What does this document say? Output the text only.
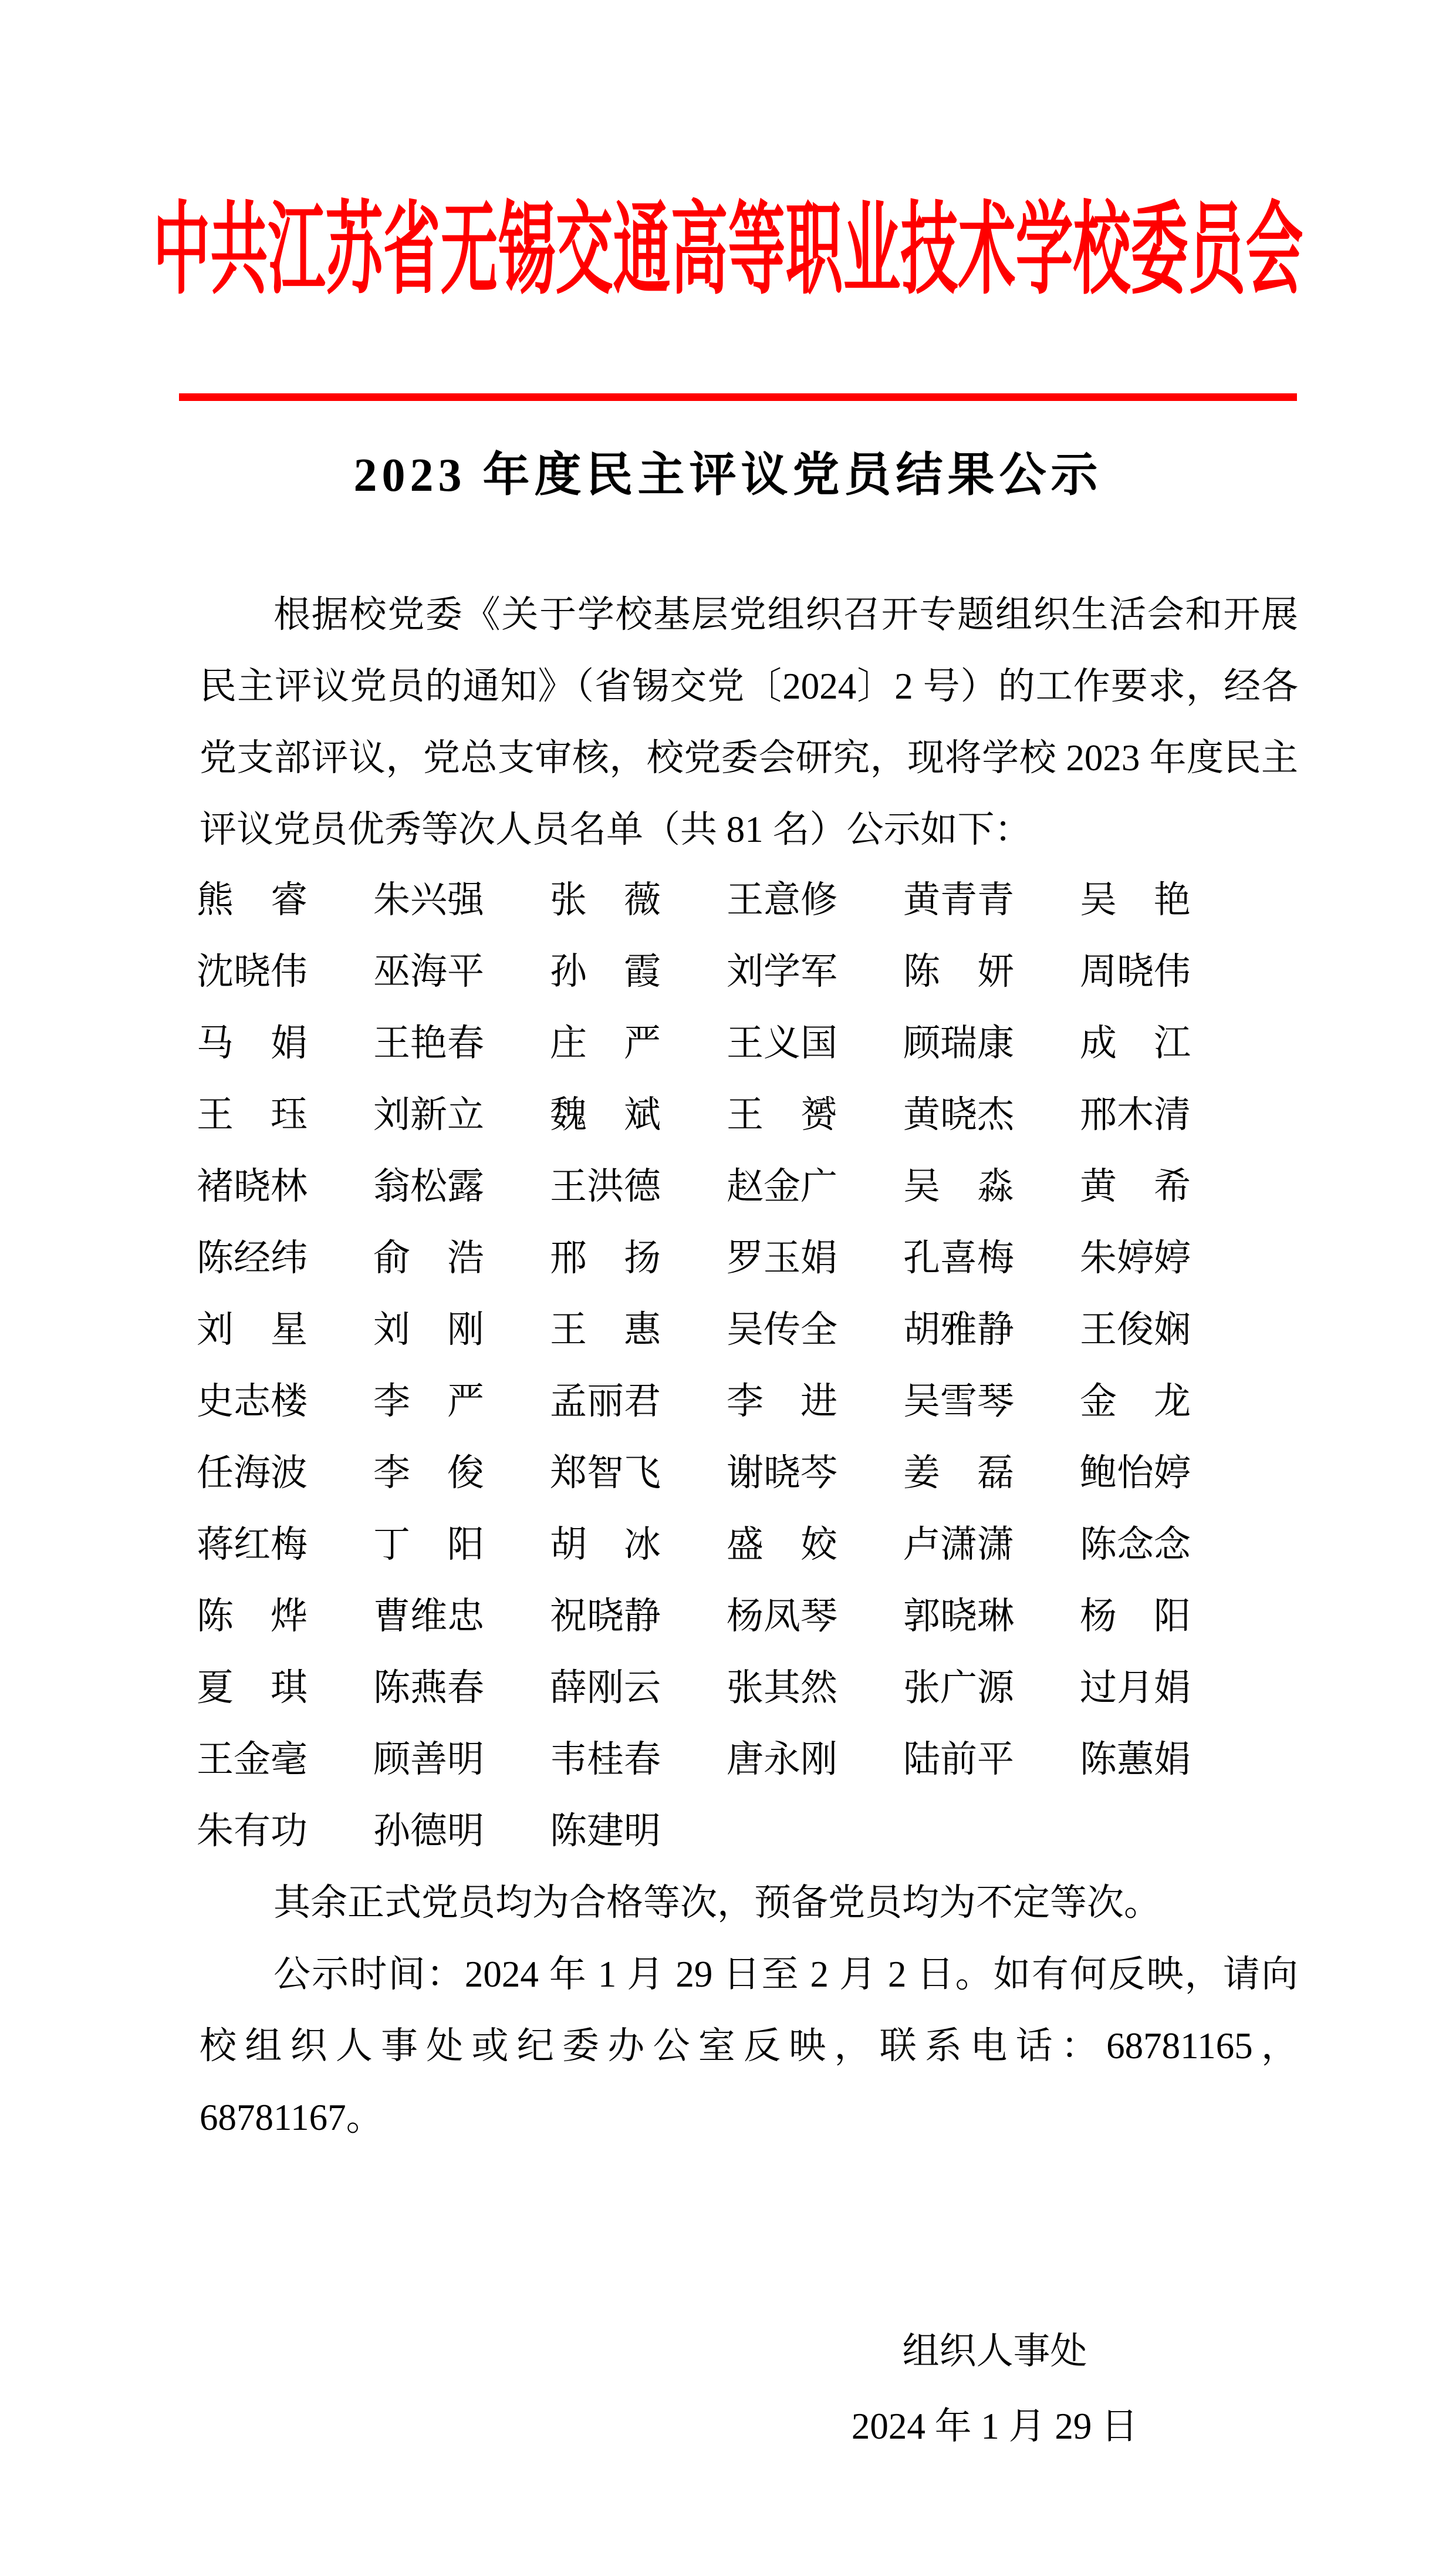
中共江苏省无锡交通高等职业技术学校委员会
2023 年度民主评议党员结果公示

根据校党委《关于学校基层党组织召开专题组织生活会和开展民主评议党员的通知》（省锡交党〔2024〕2 号）的工作要求，经各党支部评议，党总支审核，校党委会研究，现将学校 2023 年度民主评议党员优秀等次人员名单（共 81 名）公示如下：

熊　睿 朱兴强 张　薇 王意修 黄青青 吴　艳
沈晓伟 巫海平 孙　霞 刘学军 陈　妍 周晓伟
马　娟 王艳春 庄　严 王义国 顾瑞康 成　江
王　珏 刘新立 魏　斌 王　赟 黄晓杰 邢木清
褚晓林 翁松露 王洪德 赵金广 吴　淼 黄　希
陈经纬 俞　浩 邢　扬 罗玉娟 孔喜梅 朱婷婷
刘　星 刘　刚 王　惠 吴传全 胡雅静 王俊娴
史志楼 李　严 孟丽君 李　进 吴雪琴 金　龙
任海波 李　俊 郑智飞 谢晓芩 姜　磊 鲍怡婷
蒋红梅 丁　阳 胡　冰 盛　姣 卢潇潇 陈念念
陈　烨 曹维忠 祝晓静 杨凤琴 郭晓琳 杨　阳
夏　琪 陈燕春 薛刚云 张其然 张广源 过月娟
王金毫 顾善明 韦桂春 唐永刚 陆前平 陈蕙娟
朱有功 孙德明 陈建明

其余正式党员均为合格等次，预备党员均为不定等次。

公示时间：2024 年 1 月 29 日至 2 月 2 日。如有何反映，请向校组织人事处或纪委办公室反映，联系电话：68781165，68781167。

组织人事处
2024 年 1 月 29 日
